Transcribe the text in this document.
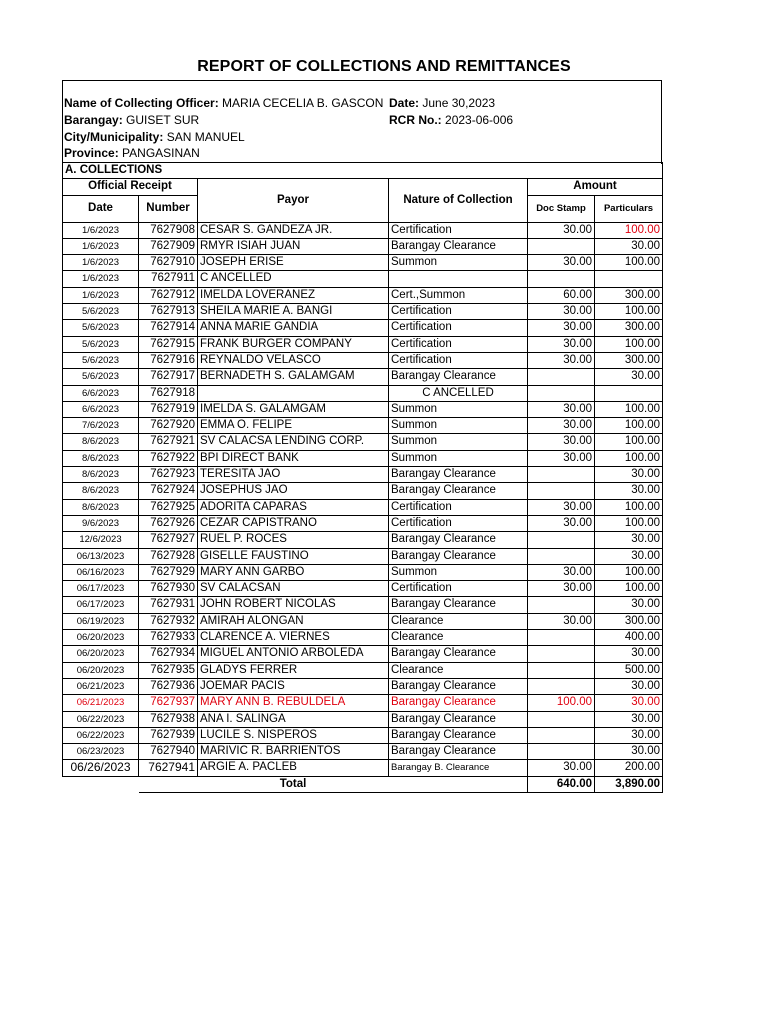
REPORT OF COLLECTIONS AND REMITTANCES
Name of Collecting Officer: MARIA CECELIA B. GASCON Date: June 30,2023
Barangay: GUISET SUR	RCR No.: 2023-06-006
City/Municipality: SAN MANUEL
Province: PANGASINAN
A. COLLECTIONS					
Official Receipt		Payor	Nature of Collection	Amount	
Date	Number			Doc Stamp	Particulars
1/6/2023	7627908	CESAR S. GANDEZA JR.	Certification	30.00	100.00
1/6/2023	7627909	RMYR ISIAH JUAN	Barangay Clearance		30.00
1/6/2023	7627910	JOSEPH ERISE	Summon	30.00	100.00
1/6/2023	7627911	C ANCELLED			
1/6/2023	7627912	IMELDA LOVERANEZ	Cert.,Summon	60.00	300.00
5/6/2023	7627913	SHEILA MARIE A. BANGI	Certification	30.00	100.00
5/6/2023	7627914	ANNA MARIE GANDIA	Certification	30.00	300.00
5/6/2023	7627915	FRANK BURGER COMPANY	Certification	30.00	100.00
5/6/2023	7627916	REYNALDO VELASCO	Certification	30.00	300.00
5/6/2023	7627917	BERNADETH S. GALAMGAM	Barangay Clearance		30.00
6/6/2023	7627918		C ANCELLED		
6/6/2023	7627919	IMELDA S. GALAMGAM	Summon	30.00	100.00
7/6/2023	7627920	EMMA O. FELIPE	Summon	30.00	100.00
8/6/2023	7627921	SV CALACSA LENDING CORP.	Summon	30.00	100.00
8/6/2023	7627922	BPI DIRECT BANK	Summon	30.00	100.00
8/6/2023	7627923	TERESITA JAO	Barangay Clearance		30.00
8/6/2023	7627924	JOSEPHUS JAO	Barangay Clearance		30.00
8/6/2023	7627925	ADORITA CAPARAS	Certification	30.00	100.00
9/6/2023	7627926	CEZAR CAPISTRANO	Certification	30.00	100.00
12/6/2023	7627927	RUEL P. ROCES	Barangay Clearance		30.00
06/13/2023	7627928	GISELLE FAUSTINO	Barangay Clearance		30.00
06/16/2023	7627929	MARY ANN GARBO	Summon	30.00	100.00
06/17/2023	7627930	SV CALACSAN	Certification	30.00	100.00
06/17/2023	7627931	JOHN ROBERT NICOLAS	Barangay Clearance		30.00
06/19/2023	7627932	AMIRAH ALONGAN	Clearance	30.00	300.00
06/20/2023	7627933	CLARENCE A. VIERNES	Clearance		400.00
06/20/2023	7627934	MIGUEL ANTONIO ARBOLEDA	Barangay Clearance		30.00
06/20/2023	7627935	GLADYS FERRER	Clearance		500.00
06/21/2023	7627936	JOEMAR PACIS	Barangay Clearance		30.00
06/21/2023	7627937	MARY ANN B. REBULDELA	Barangay Clearance	100.00	30.00
06/22/2023	7627938	ANA I. SALINGA	Barangay Clearance		30.00
06/22/2023	7627939	LUCILE S. NISPEROS	Barangay Clearance		30.00
06/23/2023	7627940	MARIVIC R. BARRIENTOS	Barangay Clearance		30.00
06/26/2023	7627941	ARGIE A. PACLEB	Barangay B. Clearance	30.00	200.00
		Total		640.00	3,890.00
